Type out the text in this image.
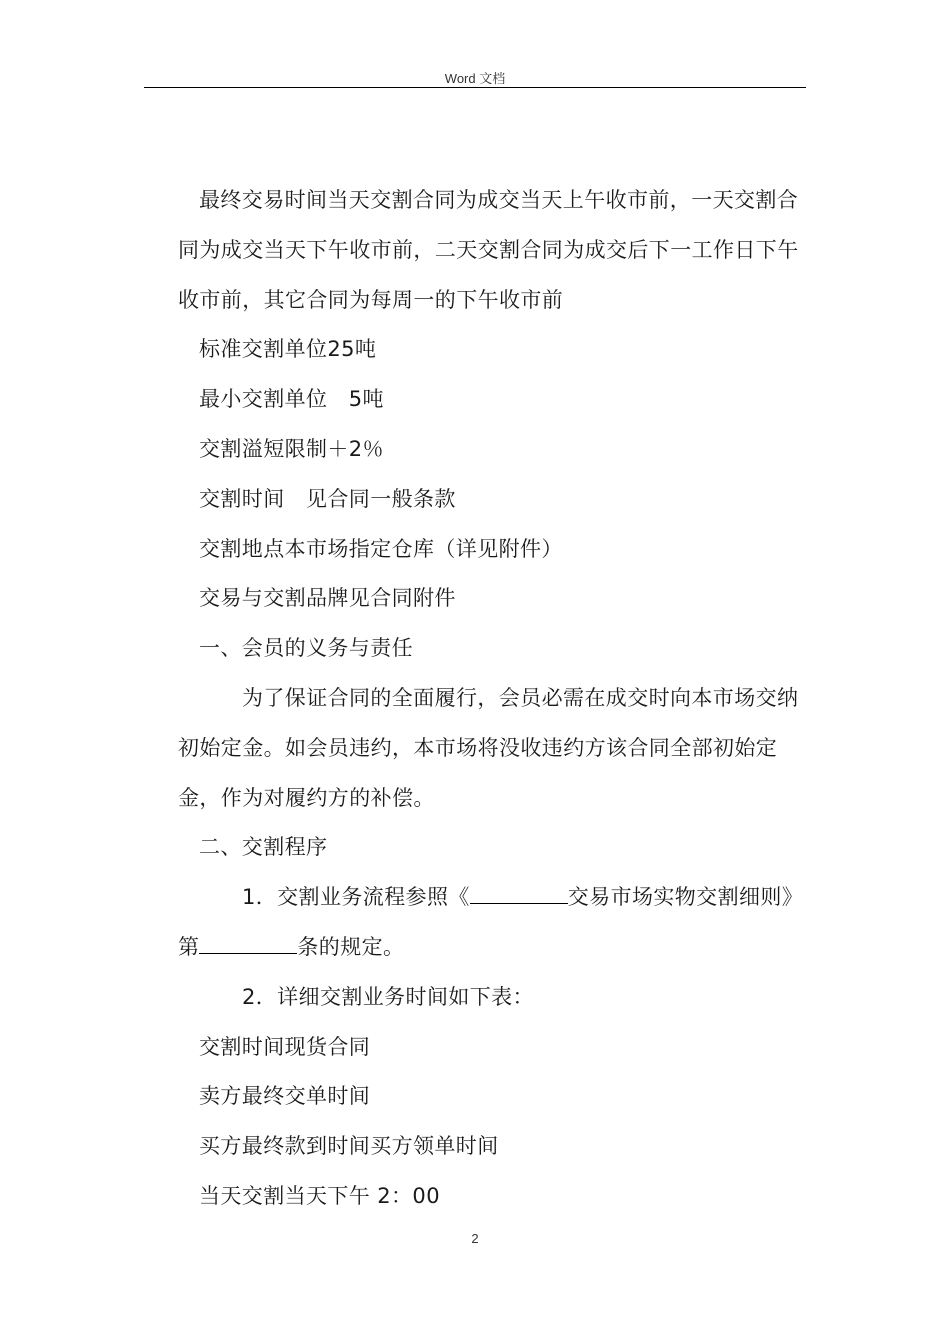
Word 文档

最终交易时间当天交割合同为成交当天上午收市前，一天交割合同为成交当天下午收市前，二天交割合同为成交后下一工作日下午收市前，其它合同为每周一的下午收市前

标准交割单位25吨

最小交割单位　5吨

交割溢短限制＋2％

交割时间　见合同一般条款

交割地点本市场指定仓库（详见附件）

交易与交割品牌见合同附件

一、会员的义务与责任

为了保证合同的全面履行，会员必需在成交时向本市场交纳初始定金。如会员违约，本市场将没收违约方该合同全部初始定金，作为对履约方的补偿。

二、交割程序

1．交割业务流程参照《	交易市场实物交割细则》第	条的规定。

2．详细交割业务时间如下表：

交割时间现货合同

卖方最终交单时间

买方最终款到时间买方领单时间

当天交割当天下午 2：00

2
